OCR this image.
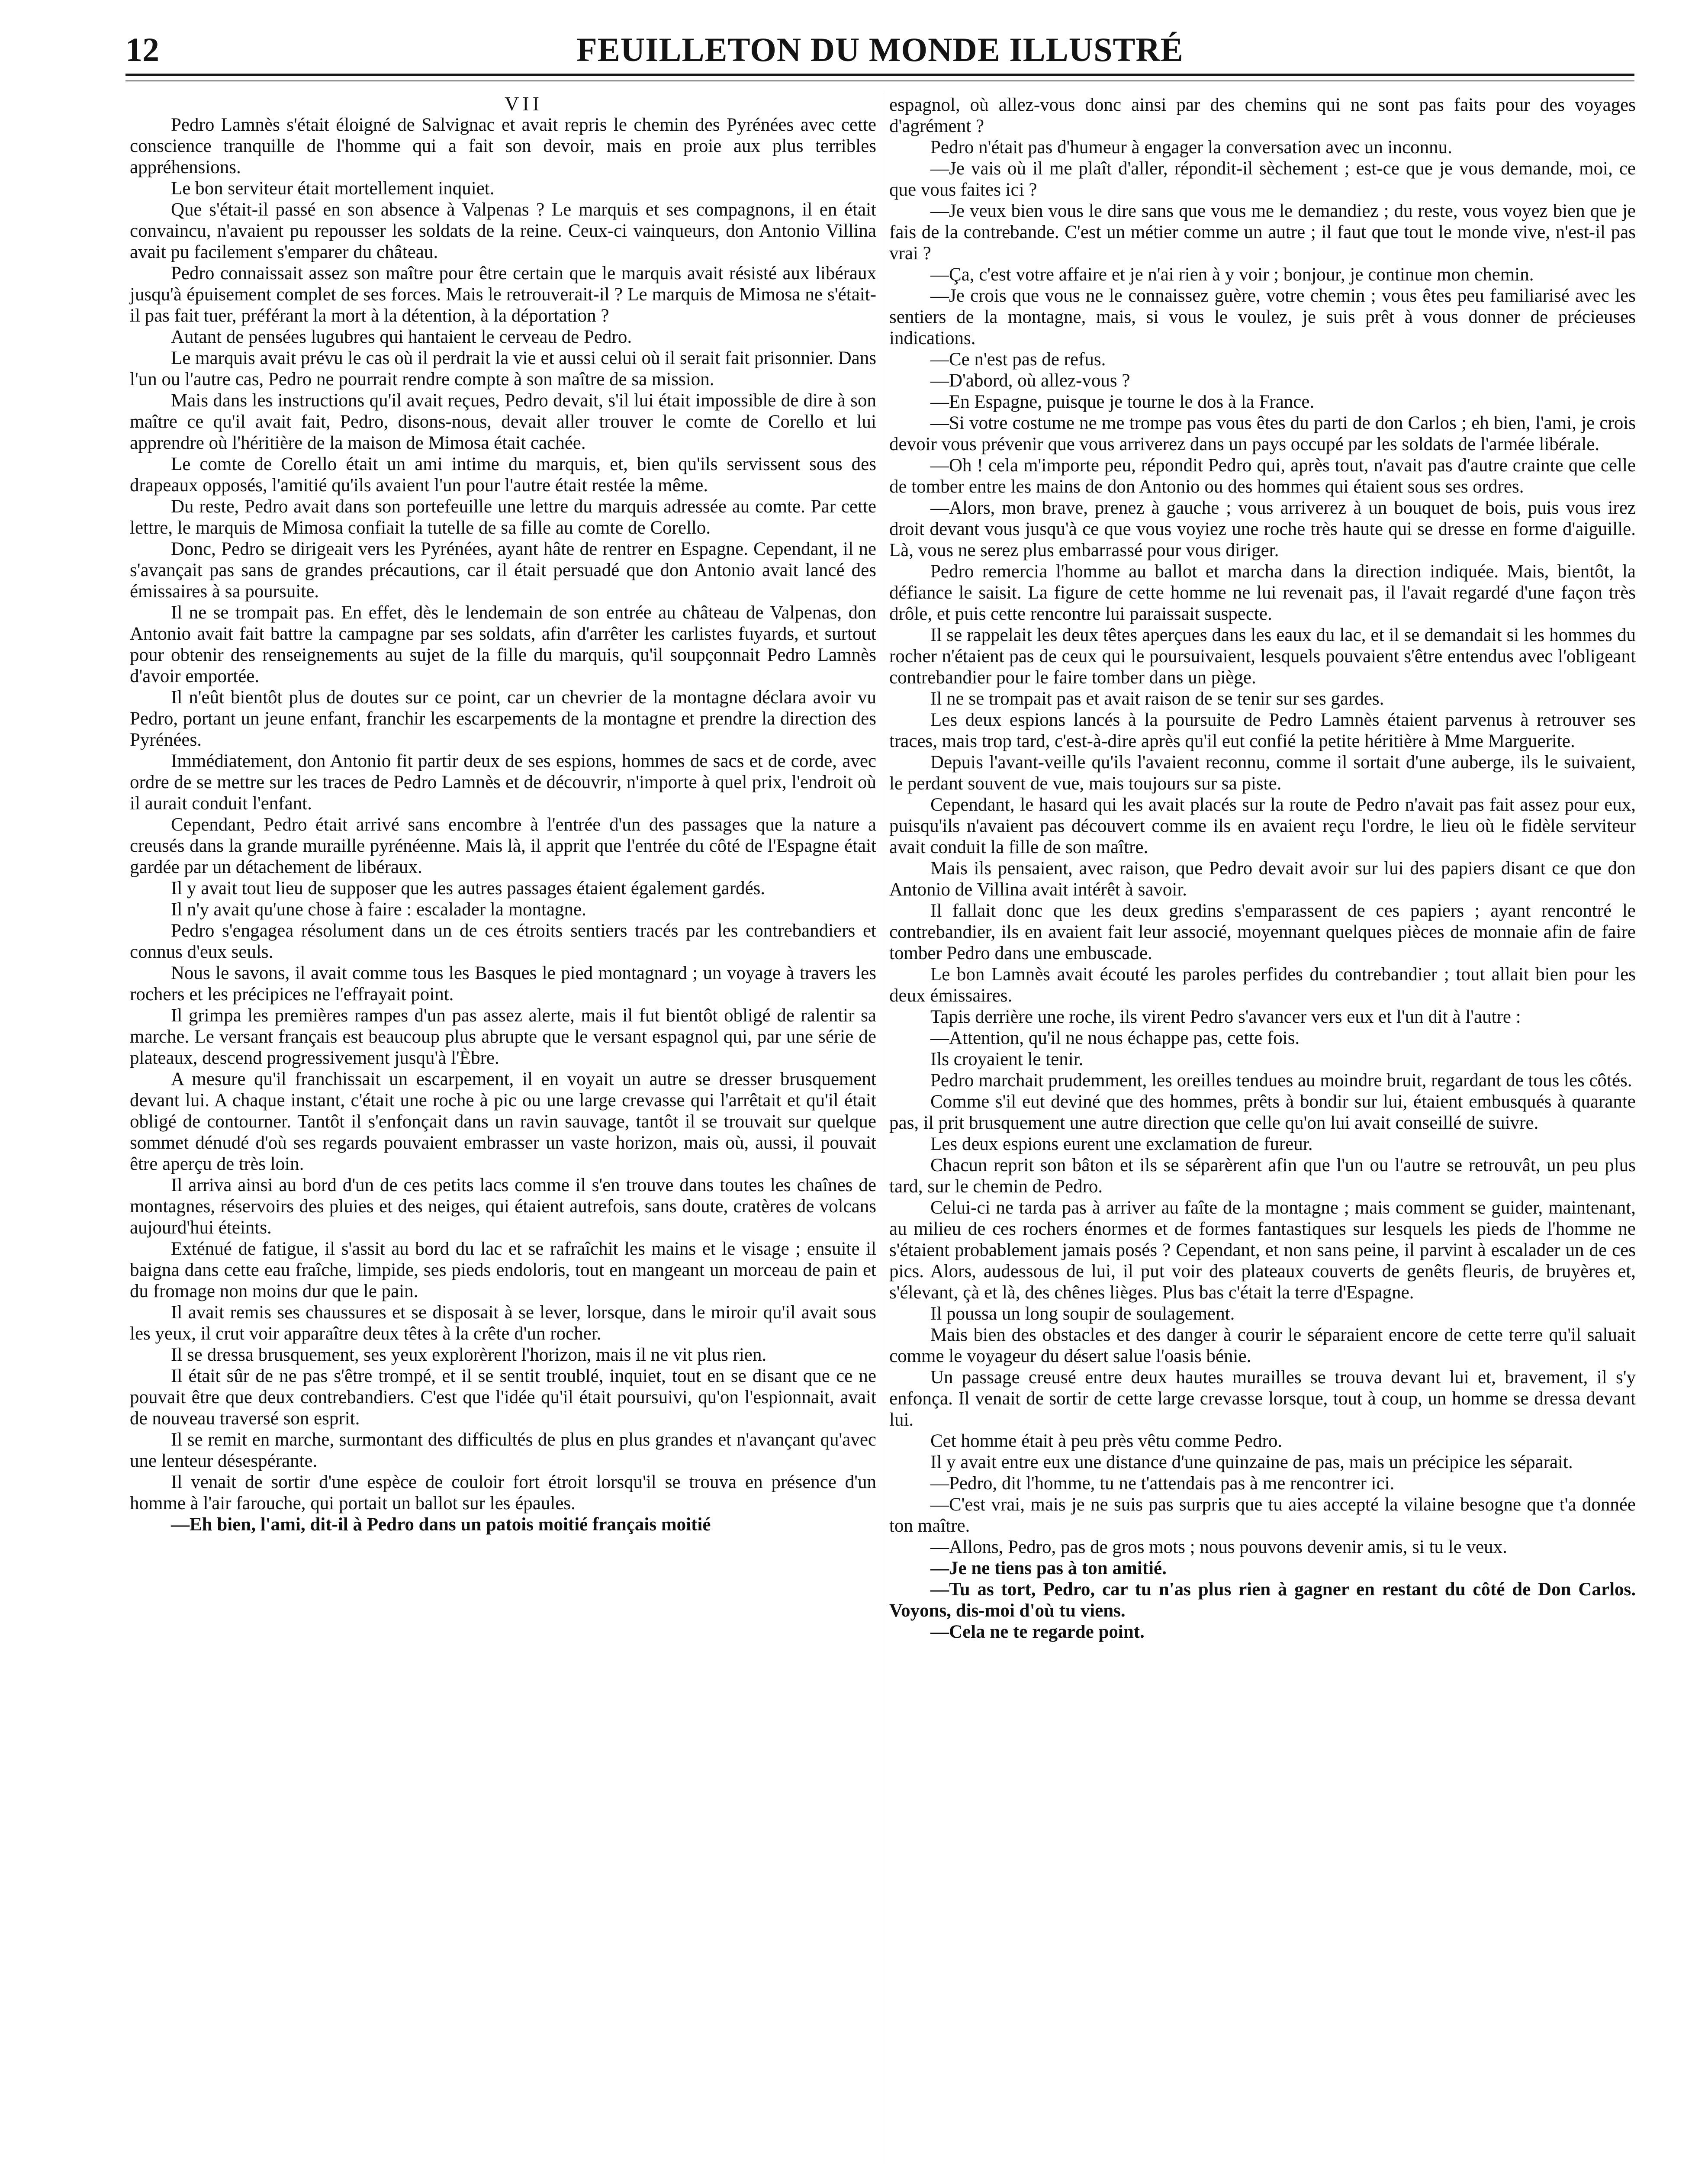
12	FEUILLETON DU MONDE ILLUSTRÉ

VII

Pedro Lamnès s'était éloigné de Salvignac et avait repris le chemin des Pyrénées avec cette conscience tranquille de l'homme qui a fait son devoir, mais en proie aux plus terribles appréhensions.

Le bon serviteur était mortellement inquiet.

Que s'était-il passé en son absence à Valpenas ? Le marquis et ses compagnons, il en était convaincu, n'avaient pu repousser les soldats de la reine. Ceux-ci vainqueurs, don Antonio Villina avait pu facilement s'emparer du château.

Pedro connaissait assez son maître pour être certain que le marquis avait résisté aux libéraux jusqu'à épuisement complet de ses forces. Mais le retrouverait-il ? Le marquis de Mimosa ne s'était-il pas fait tuer, préférant la mort à la détention, à la déportation ?

Autant de pensées lugubres qui hantaient le cerveau de Pedro.

Le marquis avait prévu le cas où il perdrait la vie et aussi celui où il serait fait prisonnier. Dans l'un ou l'autre cas, Pedro ne pourrait rendre compte à son maître de sa mission.

Mais dans les instructions qu'il avait reçues, Pedro devait, s'il lui était impossible de dire à son maître ce qu'il avait fait, Pedro, disons-nous, devait aller trouver le comte de Corello et lui apprendre où l'héritière de la maison de Mimosa était cachée.

Le comte de Corello était un ami intime du marquis, et, bien qu'ils servissent sous des drapeaux opposés, l'amitié qu'ils avaient l'un pour l'autre était restée la même.

Du reste, Pedro avait dans son portefeuille une lettre du marquis adressée au comte. Par cette lettre, le marquis de Mimosa confiait la tutelle de sa fille au comte de Corello.

Donc, Pedro se dirigeait vers les Pyrénées, ayant hâte de rentrer en Espagne. Cependant, il ne s'avançait pas sans de grandes précautions, car il était persuadé que don Antonio avait lancé des émissaires à sa poursuite.

Il ne se trompait pas. En effet, dès le lendemain de son entrée au château de Valpenas, don Antonio avait fait battre la campagne par ses soldats, afin d'arrêter les carlistes fuyards, et surtout pour obtenir des renseignements au sujet de la fille du marquis, qu'il soupçonnait Pedro Lamnès d'avoir emportée.

Il n'eût bientôt plus de doutes sur ce point, car un chevrier de la montagne déclara avoir vu Pedro, portant un jeune enfant, franchir les escarpements de la montagne et prendre la direction des Pyrénées.

Immédiatement, don Antonio fit partir deux de ses espions, hommes de sacs et de corde, avec ordre de se mettre sur les traces de Pedro Lamnès et de découvrir, n'importe à quel prix, l'endroit où il aurait conduit l'enfant.

Cependant, Pedro était arrivé sans encombre à l'entrée d'un des passages que la nature a creusés dans la grande muraille pyrénéenne. Mais là, il apprit que l'entrée du côté de l'Espagne était gardée par un détachement de libéraux.

Il y avait tout lieu de supposer que les autres passages étaient également gardés.

Il n'y avait qu'une chose à faire : escalader la montagne.

Pedro s'engagea résolument dans un de ces étroits sentiers tracés par les contrebandiers et connus d'eux seuls.

Nous le savons, il avait comme tous les Basques le pied montagnard ; un voyage à travers les rochers et les précipices ne l'effrayait point.

Il grimpa les premières rampes d'un pas assez alerte, mais il fut bientôt obligé de ralentir sa marche. Le versant français est beaucoup plus abrupte que le versant espagnol qui, par une série de plateaux, descend progressivement jusqu'à l'Èbre.

A mesure qu'il franchissait un escarpement, il en voyait un autre se dresser brusquement devant lui. A chaque instant, c'était une roche à pic ou une large crevasse qui l'arrêtait et qu'il était obligé de contourner. Tantôt il s'enfonçait dans un ravin sauvage, tantôt il se trouvait sur quelque sommet dénudé d'où ses regards pouvaient embrasser un vaste horizon, mais où, aussi, il pouvait être aperçu de très loin.

Il arriva ainsi au bord d'un de ces petits lacs comme il s'en trouve dans toutes les chaînes de montagnes, réservoirs des pluies et des neiges, qui étaient autrefois, sans doute, cratères de volcans aujourd'hui éteints.

Exténué de fatigue, il s'assit au bord du lac et se rafraîchit les mains et le visage ; ensuite il baigna dans cette eau fraîche, limpide, ses pieds endoloris, tout en mangeant un morceau de pain et du fromage non moins dur que le pain.

Il avait remis ses chaussures et se disposait à se lever, lorsque, dans le miroir qu'il avait sous les yeux, il crut voir apparaître deux têtes à la crête d'un rocher.

Il se dressa brusquement, ses yeux explorèrent l'horizon, mais il ne vit plus rien.

Il était sûr de ne pas s'être trompé, et il se sentit troublé, inquiet, tout en se disant que ce ne pouvait être que deux contrebandiers. C'est que l'idée qu'il était poursuivi, qu'on l'espionnait, avait de nouveau traversé son esprit.

Il se remit en marche, surmontant des difficultés de plus en plus grandes et n'avançant qu'avec une lenteur désespérante.

Il venait de sortir d'une espèce de couloir fort étroit lorsqu'il se trouva en présence d'un homme à l'air farouche, qui portait un ballot sur les épaules.

—Eh bien, l'ami, dit-il à Pedro dans un patois moitié français moitié

espagnol, où allez-vous donc ainsi par des chemins qui ne sont pas faits pour des voyages d'agrément ?

Pedro n'était pas d'humeur à engager la conversation avec un inconnu.

—Je vais où il me plaît d'aller, répondit-il sèchement ; est-ce que je vous demande, moi, ce que vous faites ici ?

—Je veux bien vous le dire sans que vous me le demandiez ; du reste, vous voyez bien que je fais de la contrebande. C'est un métier comme un autre ; il faut que tout le monde vive, n'est-il pas vrai ?

—Ça, c'est votre affaire et je n'ai rien à y voir ; bonjour, je continue mon chemin.

—Je crois que vous ne le connaissez guère, votre chemin ; vous êtes peu familiarisé avec les sentiers de la montagne, mais, si vous le voulez, je suis prêt à vous donner de précieuses indications.

—Ce n'est pas de refus.

—D'abord, où allez-vous ?

—En Espagne, puisque je tourne le dos à la France.

—Si votre costume ne me trompe pas vous êtes du parti de don Carlos ; eh bien, l'ami, je crois devoir vous prévenir que vous arriverez dans un pays occupé par les soldats de l'armée libérale.

—Oh ! cela m'importe peu, répondit Pedro qui, après tout, n'avait pas d'autre crainte que celle de tomber entre les mains de don Antonio ou des hommes qui étaient sous ses ordres.

—Alors, mon brave, prenez à gauche ; vous arriverez à un bouquet de bois, puis vous irez droit devant vous jusqu'à ce que vous voyiez une roche très haute qui se dresse en forme d'aiguille. Là, vous ne serez plus embarrassé pour vous diriger.

Pedro remercia l'homme au ballot et marcha dans la direction indiquée. Mais, bientôt, la défiance le saisit. La figure de cette homme ne lui revenait pas, il l'avait regardé d'une façon très drôle, et puis cette rencontre lui paraissait suspecte.

Il se rappelait les deux têtes aperçues dans les eaux du lac, et il se demandait si les hommes du rocher n'étaient pas de ceux qui le poursuivaient, lesquels pouvaient s'être entendus avec l'obligeant contrebandier pour le faire tomber dans un piège.

Il ne se trompait pas et avait raison de se tenir sur ses gardes.

Les deux espions lancés à la poursuite de Pedro Lamnès étaient parvenus à retrouver ses traces, mais trop tard, c'est-à-dire après qu'il eut confié la petite héritière à Mme Marguerite.

Depuis l'avant-veille qu'ils l'avaient reconnu, comme il sortait d'une auberge, ils le suivaient, le perdant souvent de vue, mais toujours sur sa piste.

Cependant, le hasard qui les avait placés sur la route de Pedro n'avait pas fait assez pour eux, puisqu'ils n'avaient pas découvert comme ils en avaient reçu l'ordre, le lieu où le fidèle serviteur avait conduit la fille de son maître.

Mais ils pensaient, avec raison, que Pedro devait avoir sur lui des papiers disant ce que don Antonio de Villina avait intérêt à savoir.

Il fallait donc que les deux gredins s'emparassent de ces papiers ; ayant rencontré le contrebandier, ils en avaient fait leur associé, moyennant quelques pièces de monnaie afin de faire tomber Pedro dans une embuscade.

Le bon Lamnès avait écouté les paroles perfides du contrebandier ; tout allait bien pour les deux émissaires.

Tapis derrière une roche, ils virent Pedro s'avancer vers eux et l'un dit à l'autre :

—Attention, qu'il ne nous échappe pas, cette fois.

Ils croyaient le tenir.

Pedro marchait prudemment, les oreilles tendues au moindre bruit, regardant de tous les côtés.

Comme s'il eut deviné que des hommes, prêts à bondir sur lui, étaient embusqués à quarante pas, il prit brusquement une autre direction que celle qu'on lui avait conseillé de suivre.

Les deux espions eurent une exclamation de fureur.

Chacun reprit son bâton et ils se séparèrent afin que l'un ou l'autre se retrouvât, un peu plus tard, sur le chemin de Pedro.

Celui-ci ne tarda pas à arriver au faîte de la montagne ; mais comment se guider, maintenant, au milieu de ces rochers énormes et de formes fantastiques sur lesquels les pieds de l'homme ne s'étaient probablement jamais posés ? Cependant, et non sans peine, il parvint à escalader un de ces pics. Alors, audessous de lui, il put voir des plateaux couverts de genêts fleuris, de bruyères et, s'élevant, çà et là, des chênes lièges. Plus bas c'était la terre d'Espagne.

Il poussa un long soupir de soulagement.

Mais bien des obstacles et des danger à courir le séparaient encore de cette terre qu'il saluait comme le voyageur du désert salue l'oasis bénie.

Un passage creusé entre deux hautes murailles se trouva devant lui et, bravement, il s'y enfonça. Il venait de sortir de cette large crevasse lorsque, tout à coup, un homme se dressa devant lui.

Cet homme était à peu près vêtu comme Pedro.

Il y avait entre eux une distance d'une quinzaine de pas, mais un précipice les séparait.

—Pedro, dit l'homme, tu ne t'attendais pas à me rencontrer ici.

—C'est vrai, mais je ne suis pas surpris que tu aies accepté la vilaine besogne que t'a donnée ton maître.

—Allons, Pedro, pas de gros mots ; nous pouvons devenir amis, si tu le veux.

—Je ne tiens pas à ton amitié.

—Tu as tort, Pedro, car tu n'as plus rien à gagner en restant du côté de Don Carlos. Voyons, dis-moi d'où tu viens.

—Cela ne te regarde point.
